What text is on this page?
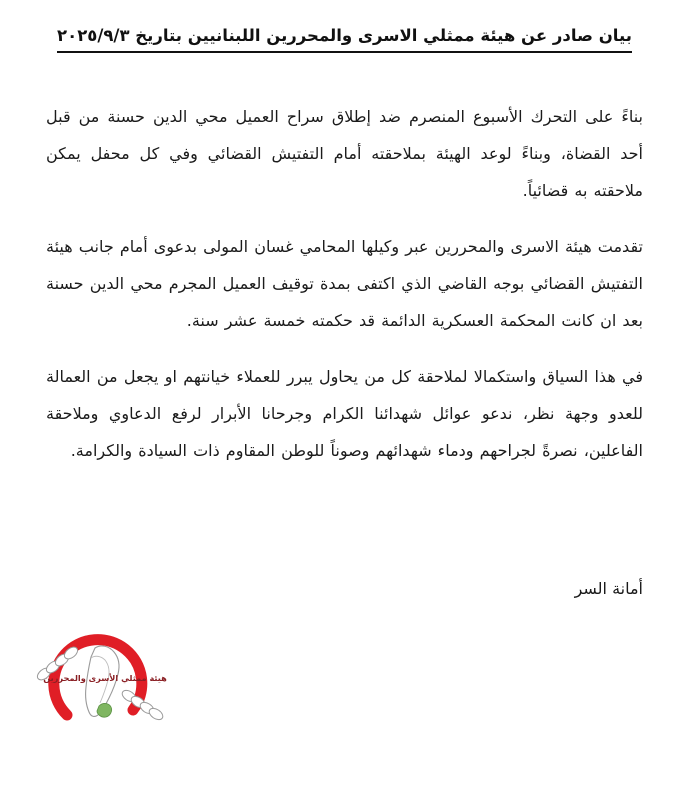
بيان صادر عن هيئة ممثلي الاسرى والمحررين اللبنانيين بتاريخ ٢٠٢٥/٩/٣

بناءً على التحرك الأسبوع المنصرم ضد إطلاق سراح العميل محي الدين حسنة من قبل أحد القضاة، وبناءً لوعد الهيئة بملاحقته أمام التفتيش القضائي وفي كل محفل يمكن ملاحقته به قضائياً.

تقدمت هيئة الاسرى والمحررين عبر وكيلها المحامي غسان المولى بدعوى أمام جانب هيئة التفتيش القضائي بوجه القاضي الذي اكتفى بمدة توقيف العميل المجرم محي الدين حسنة بعد ان كانت المحكمة العسكرية الدائمة قد حكمته خمسة عشر سنة.

في هذا السياق واستكمالا لملاحقة كل من يحاول يبرر للعملاء خيانتهم او يجعل من العمالة للعدو وجهة نظر، ندعو عوائل شهدائنا الكرام وجرحانا الأبرار لرفع الدعاوي وملاحقة الفاعلين، نصرةً لجراحهم ودماء شهدائهم وصوناً للوطن المقاوم ذات السيادة والكرامة.

أمانة السر
هيئة ممثلي الأسرى والمحررين
